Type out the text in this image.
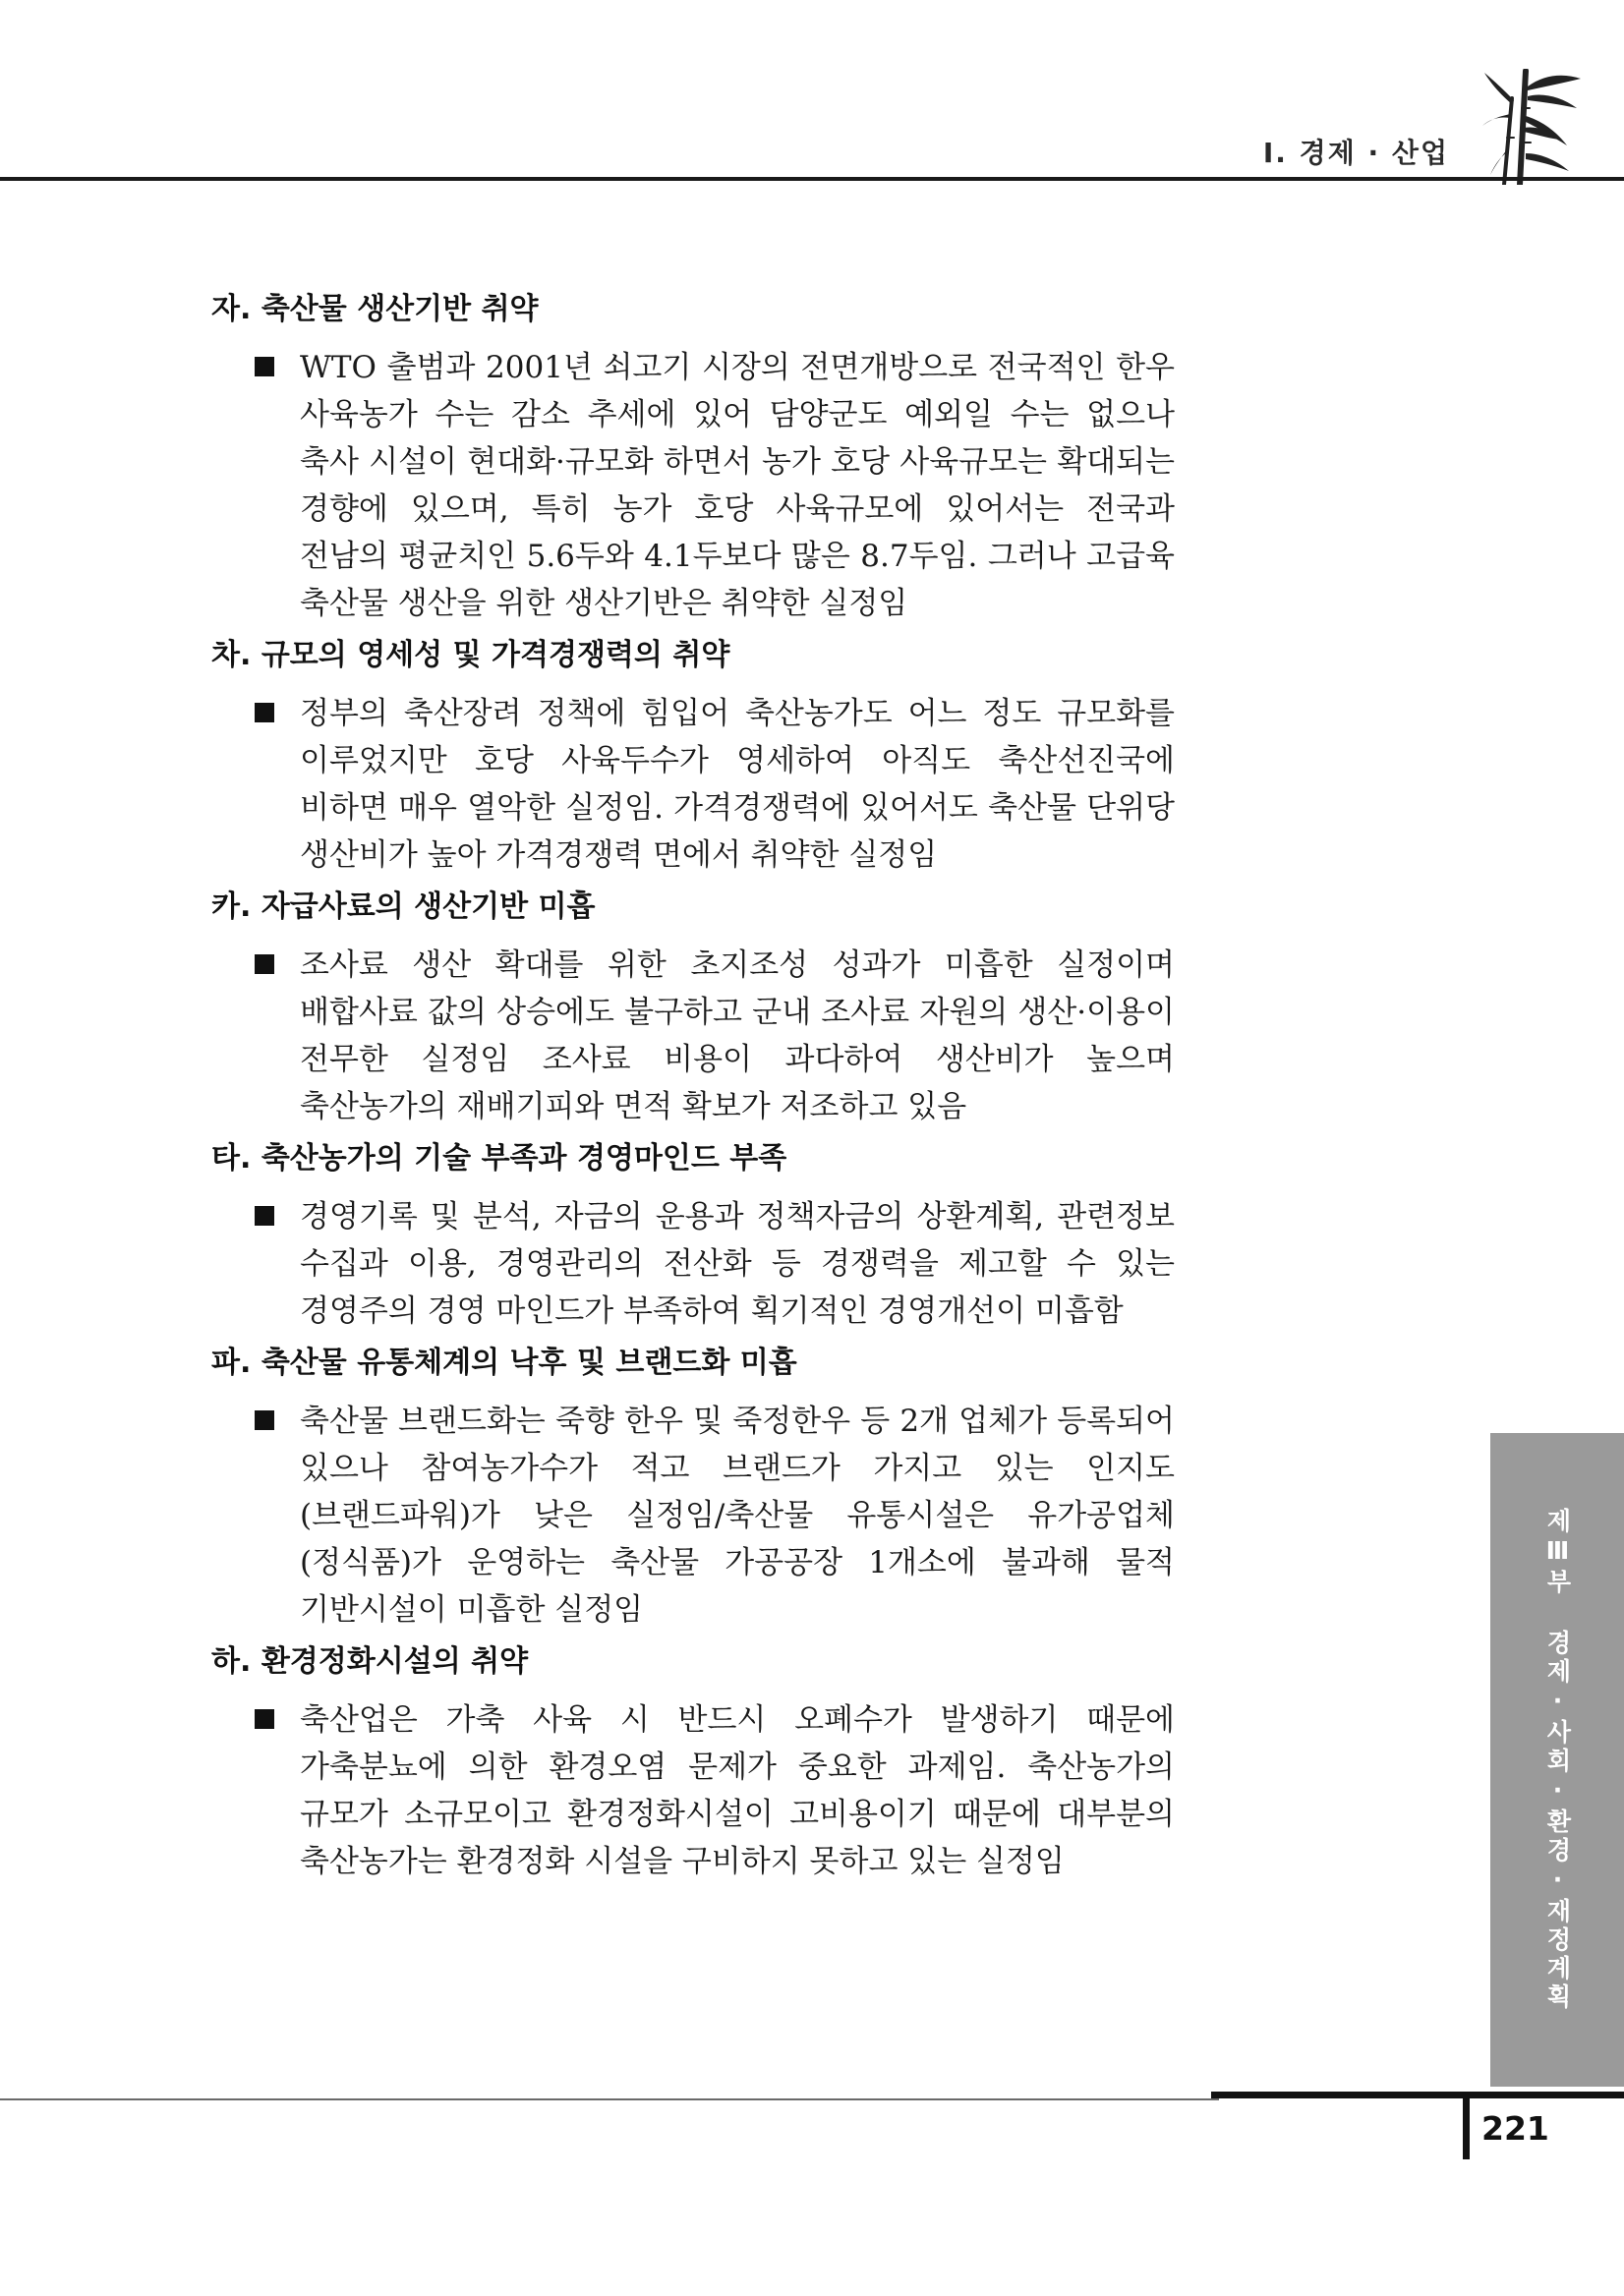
Ⅰ. 경제 · 산업
자. 축산물 생산기반 취약

WTO 출범과 2001년 쇠고기 시장의 전면개방으로 전국적인 한우 사육농가 수는 감소 추세에 있어 담양군도 예외일 수는 없으나 축사 시설이 현대화·규모화 하면서 농가 호당 사육규모는 확대되는 경향에 있으며, 특히 농가 호당 사육규모에 있어서는 전국과 전남의 평균치인 5.6두와 4.1두보다 많은 8.7두임. 그러나 고급육 축산물 생산을 위한 생산기반은 취약한 실정임

차. 규모의 영세성 및 가격경쟁력의 취약

정부의 축산장려 정책에 힘입어 축산농가도 어느 정도 규모화를 이루었지만 호당 사육두수가 영세하여 아직도 축산선진국에 비하면 매우 열악한 실정임. 가격경쟁력에 있어서도 축산물 단위당 생산비가 높아 가격경쟁력 면에서 취약한 실정임

카. 자급사료의 생산기반 미흡

조사료 생산 확대를 위한 초지조성 성과가 미흡한 실정이며 배합사료 값의 상승에도 불구하고 군내 조사료 자원의 생산·이용이 전무한 실정임 조사료 비용이 과다하여 생산비가 높으며 축산농가의 재배기피와 면적 확보가 저조하고 있음

타. 축산농가의 기술 부족과 경영마인드 부족

경영기록 및 분석, 자금의 운용과 정책자금의 상환계획, 관련정보 수집과 이용, 경영관리의 전산화 등 경쟁력을 제고할 수 있는 경영주의 경영 마인드가 부족하여 획기적인 경영개선이 미흡함

파. 축산물 유통체계의 낙후 및 브랜드화 미흡

축산물 브랜드화는 죽향 한우 및 죽정한우 등 2개 업체가 등록되어 있으나 참여농가수가 적고 브랜드가 가지고 있는 인지도(브랜드파워)가 낮은 실정임/축산물 유통시설은 유가공업체 (정식품)가 운영하는 축산물 가공공장 1개소에 불과해 물적 기반시설이 미흡한 실정임

하. 환경정화시설의 취약

축산업은 가축 사육 시 반드시 오폐수가 발생하기 때문에 가축분뇨에 의한 환경오염 문제가 중요한 과제임. 축산농가의 규모가 소규모이고 환경정화시설이 고비용이기 때문에 대부분의 축산농가는 환경정화 시설을 구비하지 못하고 있는 실정임	제Ⅲ부 경제·사회·환경·재정계획
221
